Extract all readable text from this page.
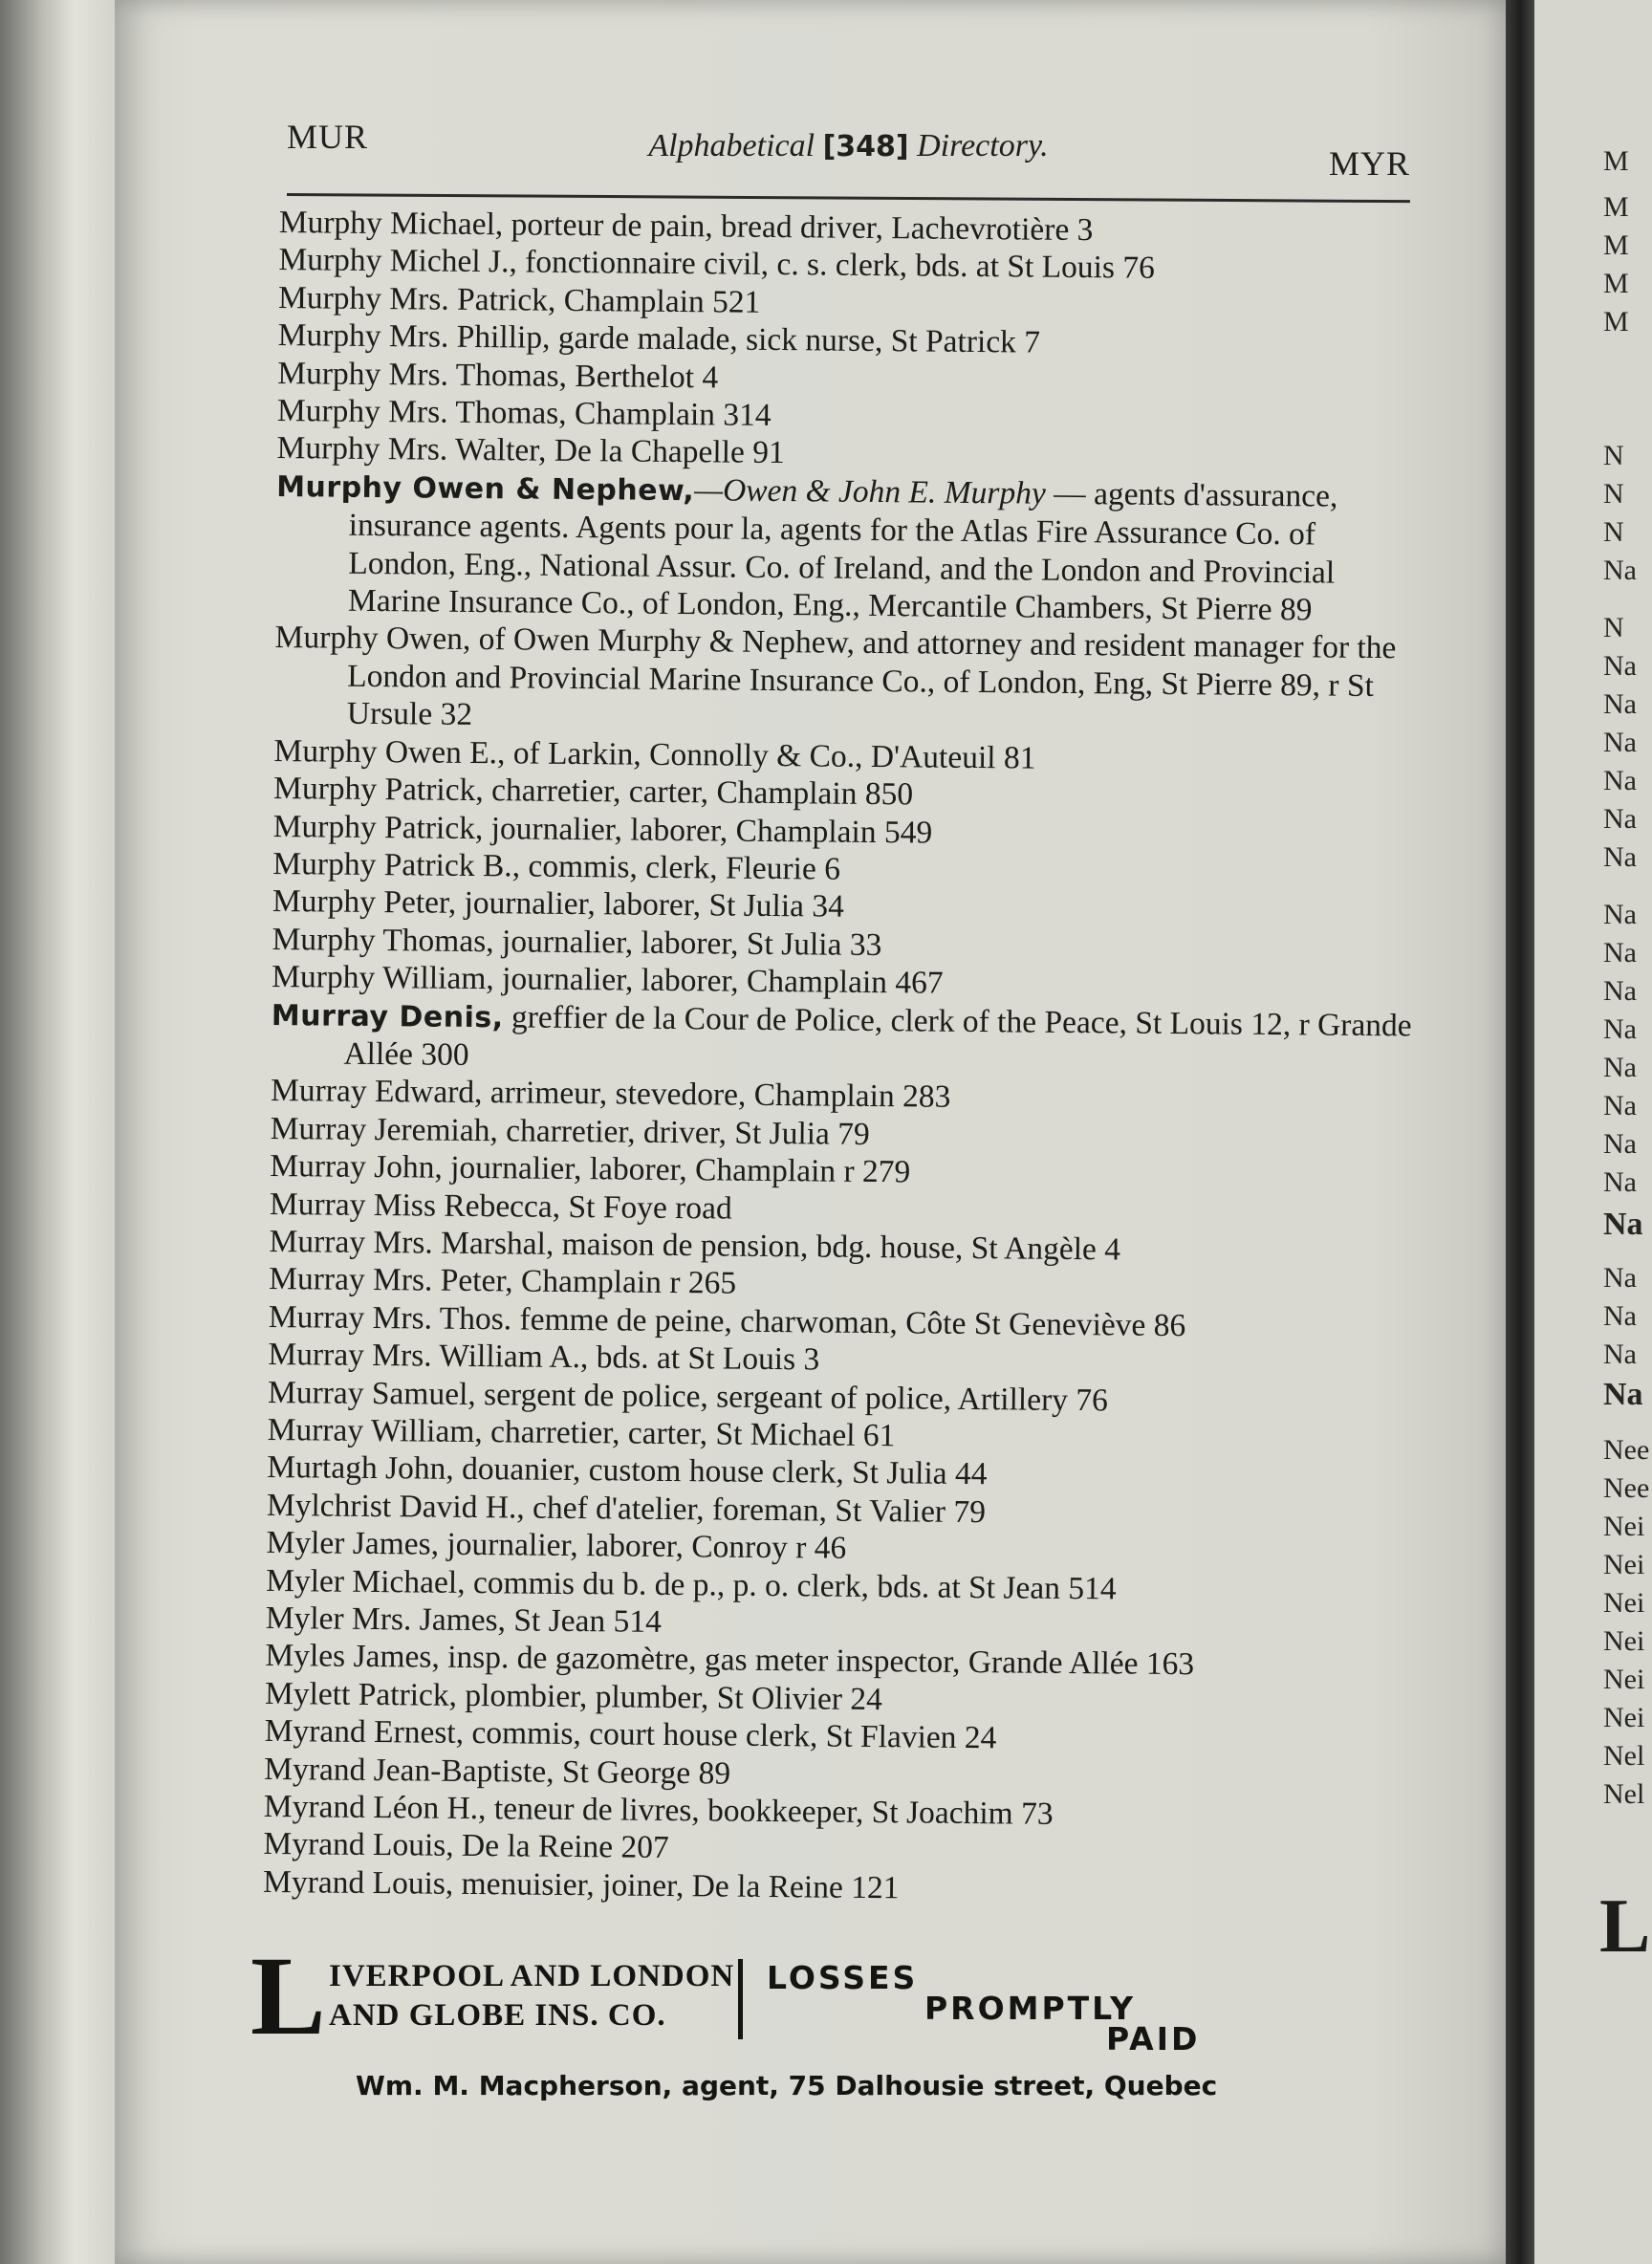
MUR	Alphabetical [348] Directory.	MYR
Murphy Michael, porteur de pain, bread driver, Lachevrotière 3
Murphy Michel J., fonctionnaire civil, c. s. clerk, bds. at St Louis 76
Murphy Mrs. Patrick, Champlain 521
Murphy Mrs. Phillip, garde malade, sick nurse, St Patrick 7
Murphy Mrs. Thomas, Berthelot 4
Murphy Mrs. Thomas, Champlain 314
Murphy Mrs. Walter, De la Chapelle 91
Murphy Owen & Nephew,—Owen & John E. Murphy — agents d'assurance, insurance agents. Agents pour la, agents for the Atlas Fire Assurance Co. of London, Eng., National Assur. Co. of Ireland, and the London and Provincial Marine Insurance Co., of London, Eng., Mercantile Chambers, St Pierre 89
Murphy Owen, of Owen Murphy & Nephew, and attorney and resident manager for the London and Provincial Marine Insurance Co., of London, Eng, St Pierre 89, r St Ursule 32
Murphy Owen E., of Larkin, Connolly & Co., D'Auteuil 81
Murphy Patrick, charretier, carter, Champlain 850
Murphy Patrick, journalier, laborer, Champlain 549
Murphy Patrick B., commis, clerk, Fleurie 6
Murphy Peter, journalier, laborer, St Julia 34
Murphy Thomas, journalier, laborer, St Julia 33
Murphy William, journalier, laborer, Champlain 467
Murray Denis, greffier de la Cour de Police, clerk of the Peace, St Louis 12, r Grande Allée 300
Murray Edward, arrimeur, stevedore, Champlain 283
Murray Jeremiah, charretier, driver, St Julia 79
Murray John, journalier, laborer, Champlain r 279
Murray Miss Rebecca, St Foye road
Murray Mrs. Marshal, maison de pension, bdg. house, St Angèle 4
Murray Mrs. Peter, Champlain r 265
Murray Mrs. Thos. femme de peine, charwoman, Côte St Geneviève 86
Murray Mrs. William A., bds. at St Louis 3
Murray Samuel, sergent de police, sergeant of police, Artillery 76
Murray William, charretier, carter, St Michael 61
Murtagh John, douanier, custom house clerk, St Julia 44
Mylchrist David H., chef d'atelier, foreman, St Valier 79
Myler James, journalier, laborer, Conroy r 46
Myler Michael, commis du b. de p., p. o. clerk, bds. at St Jean 514
Myler Mrs. James, St Jean 514
Myles James, insp. de gazomètre, gas meter inspector, Grande Allée 163
Mylett Patrick, plombier, plumber, St Olivier 24
Myrand Ernest, commis, court house clerk, St Flavien 24
Myrand Jean-Baptiste, St George 89
Myrand Léon H., teneur de livres, bookkeeper, St Joachim 73
Myrand Louis, De la Reine 207
Myrand Louis, menuisier, joiner, De la Reine 121
L IVERPOOL AND LONDON
AND GLOBE INS. CO.
LOSSES
PROMPTLY
PAID
Wm. M. Macpherson, agent, 75 Dalhousie street, Quebec
M
M
M
M
M
N
N
N
Na
N
Na
Na
Na
Na
Na
Na
Na
Na
Na
Na
Na
Na
Na
Na
Na
Na
Na
Na
Na
Nee
Nee
Nei
Nei
Nei
Nei
Nei
Nei
Nel
Nel
L
